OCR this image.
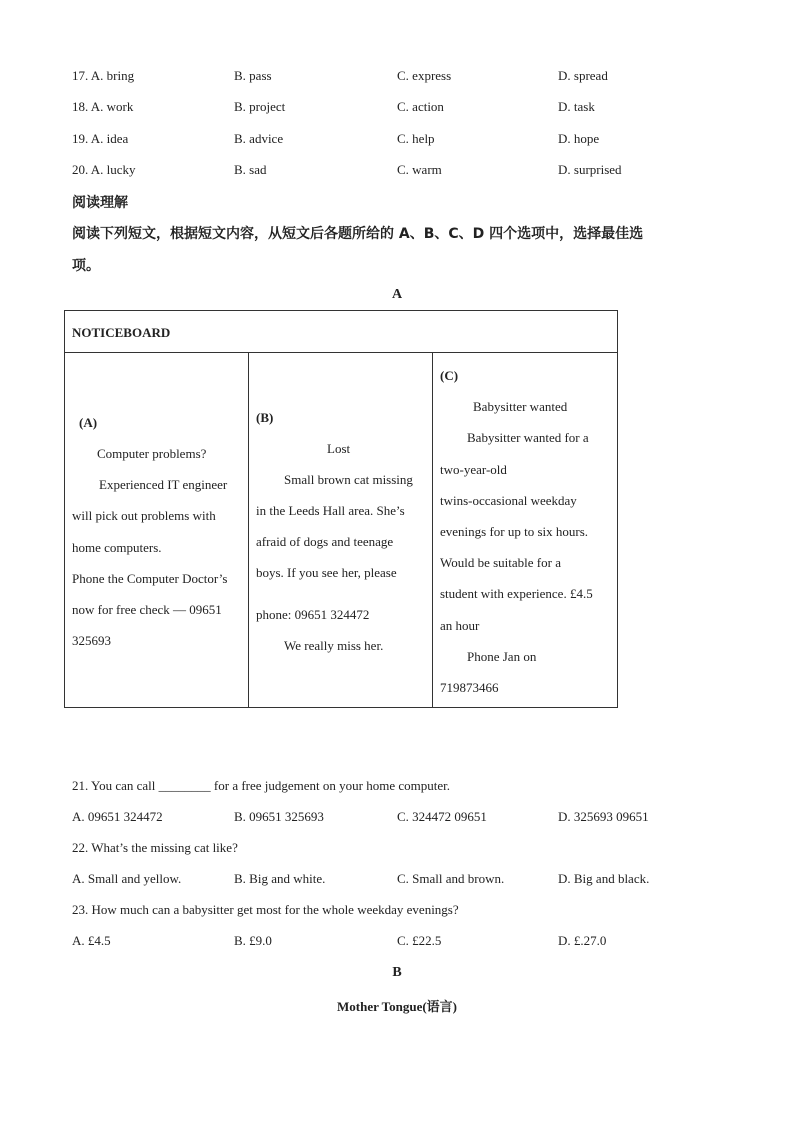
17. A. bring	B. pass	C. express	D. spread
18. A. work	B. project	C. action	D. task
19. A. idea	B. advice	C. help	D. hope
20. A. lucky	B. sad	C. warm	D. surprised
阅读理解
阅读下列短文，根据短文内容，从短文后各题所给的 A、B、C、D 四个选项中，选择最佳选
项。
A
NOTICEBOARD
(A)
Computer problems?
Experienced IT engineer
will pick out problems with
home computers.
Phone the Computer Doctor’s
now for free check — 09651
325693
(B)
Lost
Small brown cat missing
in the Leeds Hall area. She’s
afraid of dogs and teenage
boys. If you see her, please
phone: 09651 324472
We really miss her.
(C)
Babysitter wanted
Babysitter wanted for a
two-year-old
twins-occasional weekday
evenings for up to six hours.
Would be suitable for a
student with experience. £4.5
an hour
Phone Jan on
719873466
21. You can call ________ for a free judgement on your home computer.
A. 09651 324472	B. 09651 325693	C. 324472 09651	D. 325693 09651
22. What’s the missing cat like?
A. Small and yellow.	B. Big and white.	C. Small and brown.	D. Big and black.
23. How much can a babysitter get most for the whole weekday evenings?
A. £4.5	B. £9.0	C. £22.5	D. £.27.0
B
Mother Tongue(语言)
